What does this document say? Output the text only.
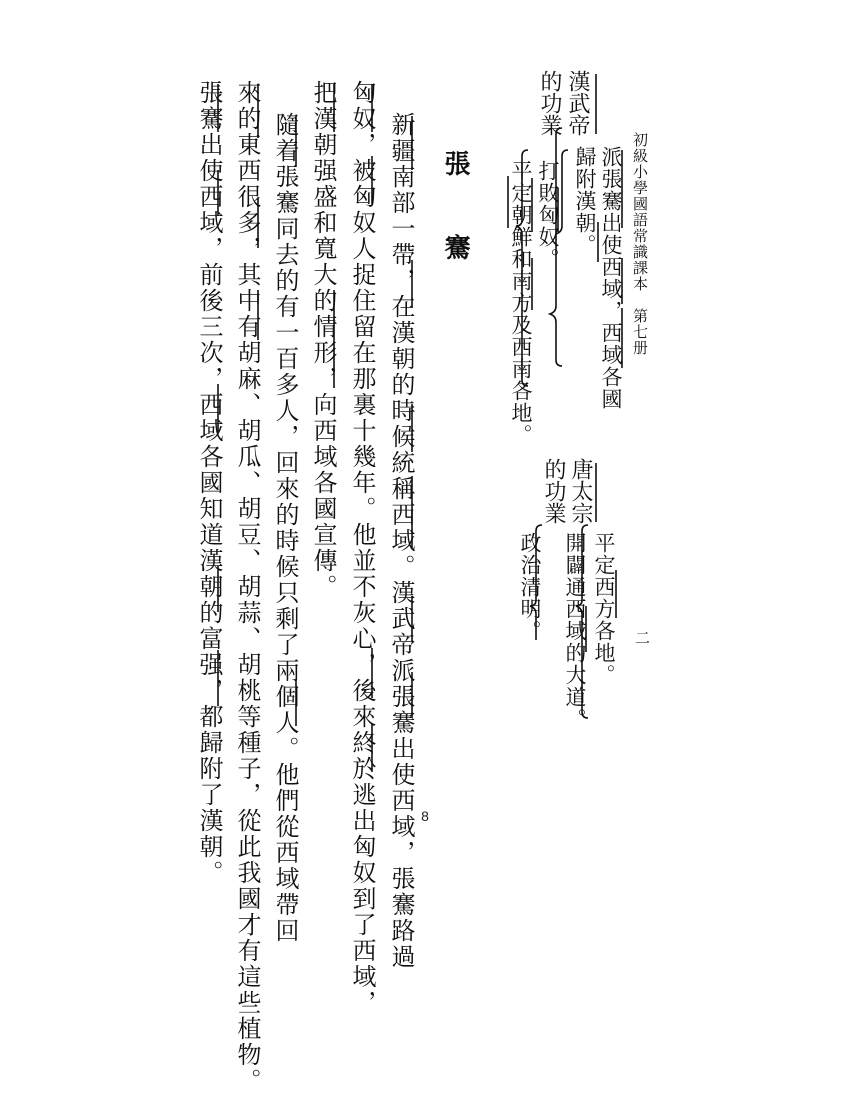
初級小學國語常識課本　第七册
二
漢武帝
的功業
派張騫出使西域，西域各國
歸附漢朝。
打敗匈奴。
平定朝鮮和南方及西南各地。
唐太宗
的功業
平定西方各地。
開闢通西域的大道。
政治清明。
張騫
新疆南部一帶，在漢朝的時候統稱西域。漢武帝派張騫出使西域，張騫路過
匈奴，被匈奴人捉住留在那裏十幾年。他並不灰心，後來終於逃出匈奴到了西域，
把漢朝强盛和寬大的情形，向西域各國宣傳。
隨着張騫同去的有一百多人，回來的時候只剩了兩個人。他們從西域帶回
來的東西很多，其中有胡麻、胡瓜、胡豆、胡蒜、胡桃等種子，從此我國才有這些植物。
張騫出使西域，前後三次，西域各國知道漢朝的富强，都歸附了漢朝。	8
